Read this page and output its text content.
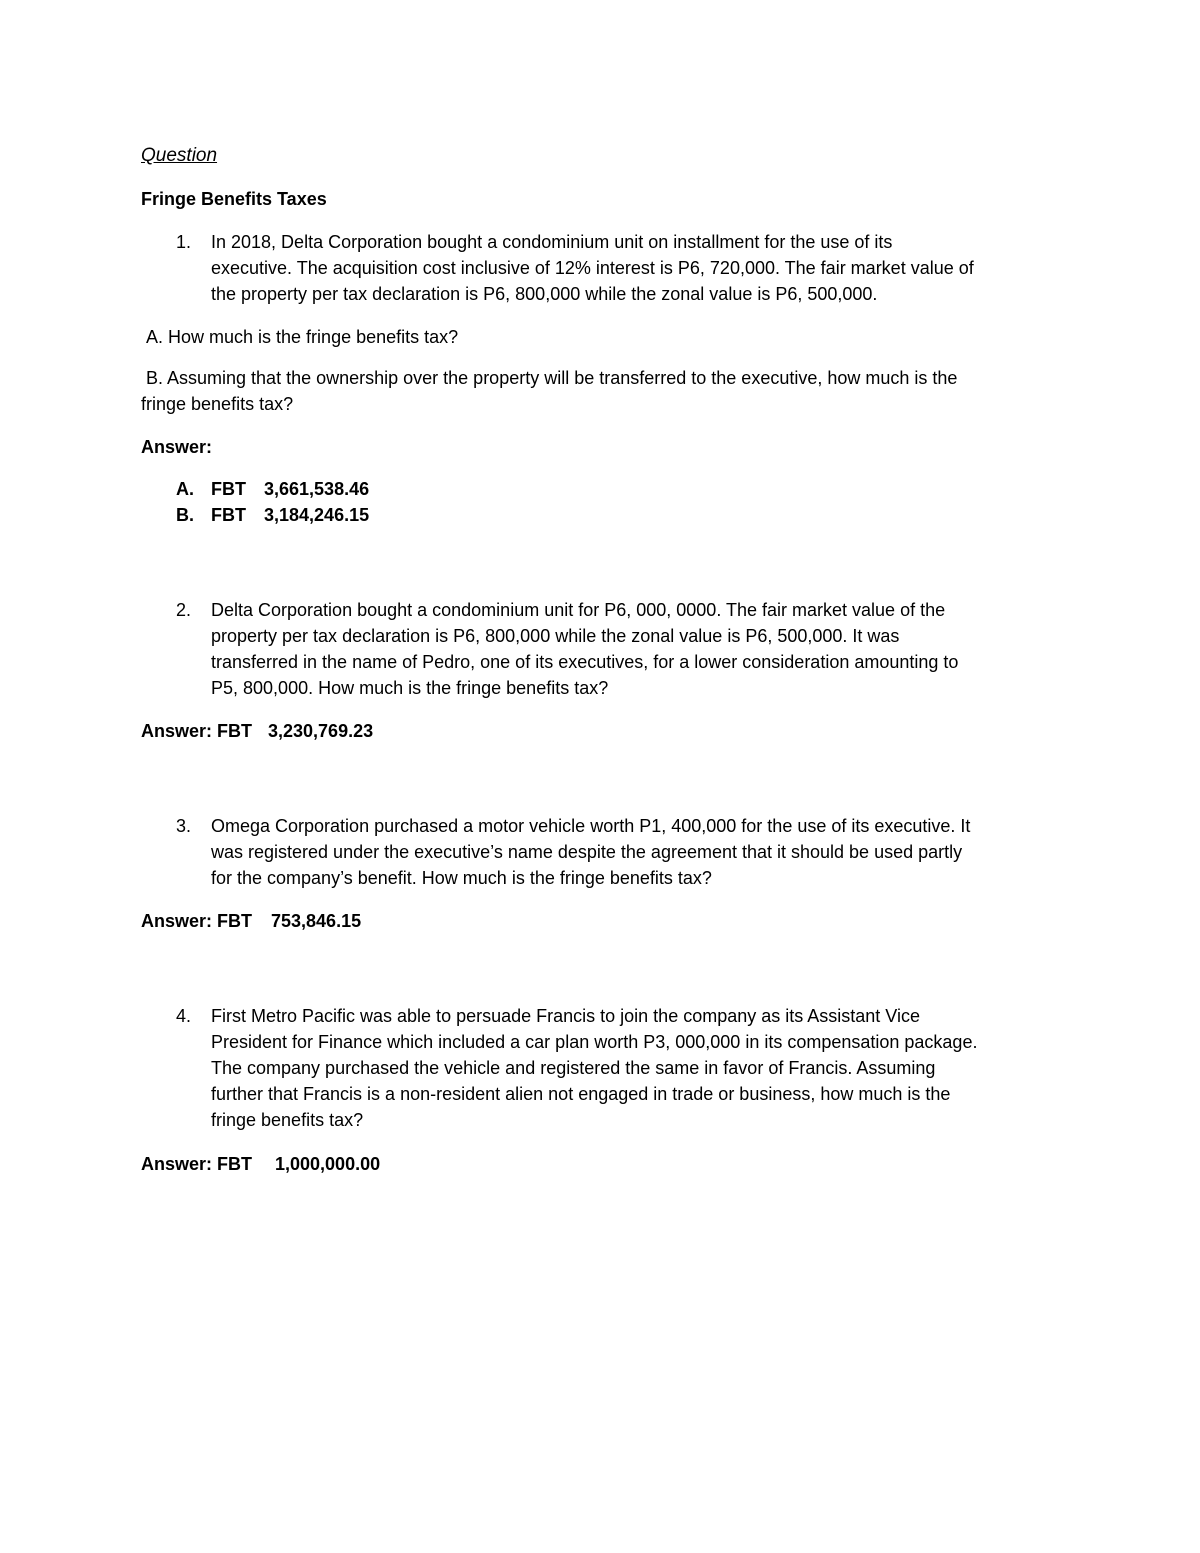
Question
Fringe Benefits Taxes
1. In 2018, Delta Corporation bought a condominium unit on installment for the use of its
executive. The acquisition cost inclusive of 12% interest is P6, 720,000. The fair market value of
the property per tax declaration is P6, 800,000 while the zonal value is P6, 500,000.
A. How much is the fringe benefits tax?
B. Assuming that the ownership over the property will be transferred to the executive, how much is the
fringe benefits tax?
Answer:
A. FBT 3,661,538.46
B. FBT 3,184,246.15
2. Delta Corporation bought a condominium unit for P6, 000, 0000. The fair market value of the
property per tax declaration is P6, 800,000 while the zonal value is P6, 500,000. It was
transferred in the name of Pedro, one of its executives, for a lower consideration amounting to
P5, 800,000. How much is the fringe benefits tax?
Answer: FBT 3,230,769.23
3. Omega Corporation purchased a motor vehicle worth P1, 400,000 for the use of its executive. It
was registered under the executive’s name despite the agreement that it should be used partly
for the company’s benefit. How much is the fringe benefits tax?
Answer: FBT 753,846.15
4. First Metro Pacific was able to persuade Francis to join the company as its Assistant Vice
President for Finance which included a car plan worth P3, 000,000 in its compensation package.
The company purchased the vehicle and registered the same in favor of Francis. Assuming
further that Francis is a non-resident alien not engaged in trade or business, how much is the
fringe benefits tax?
Answer: FBT 1,000,000.00
